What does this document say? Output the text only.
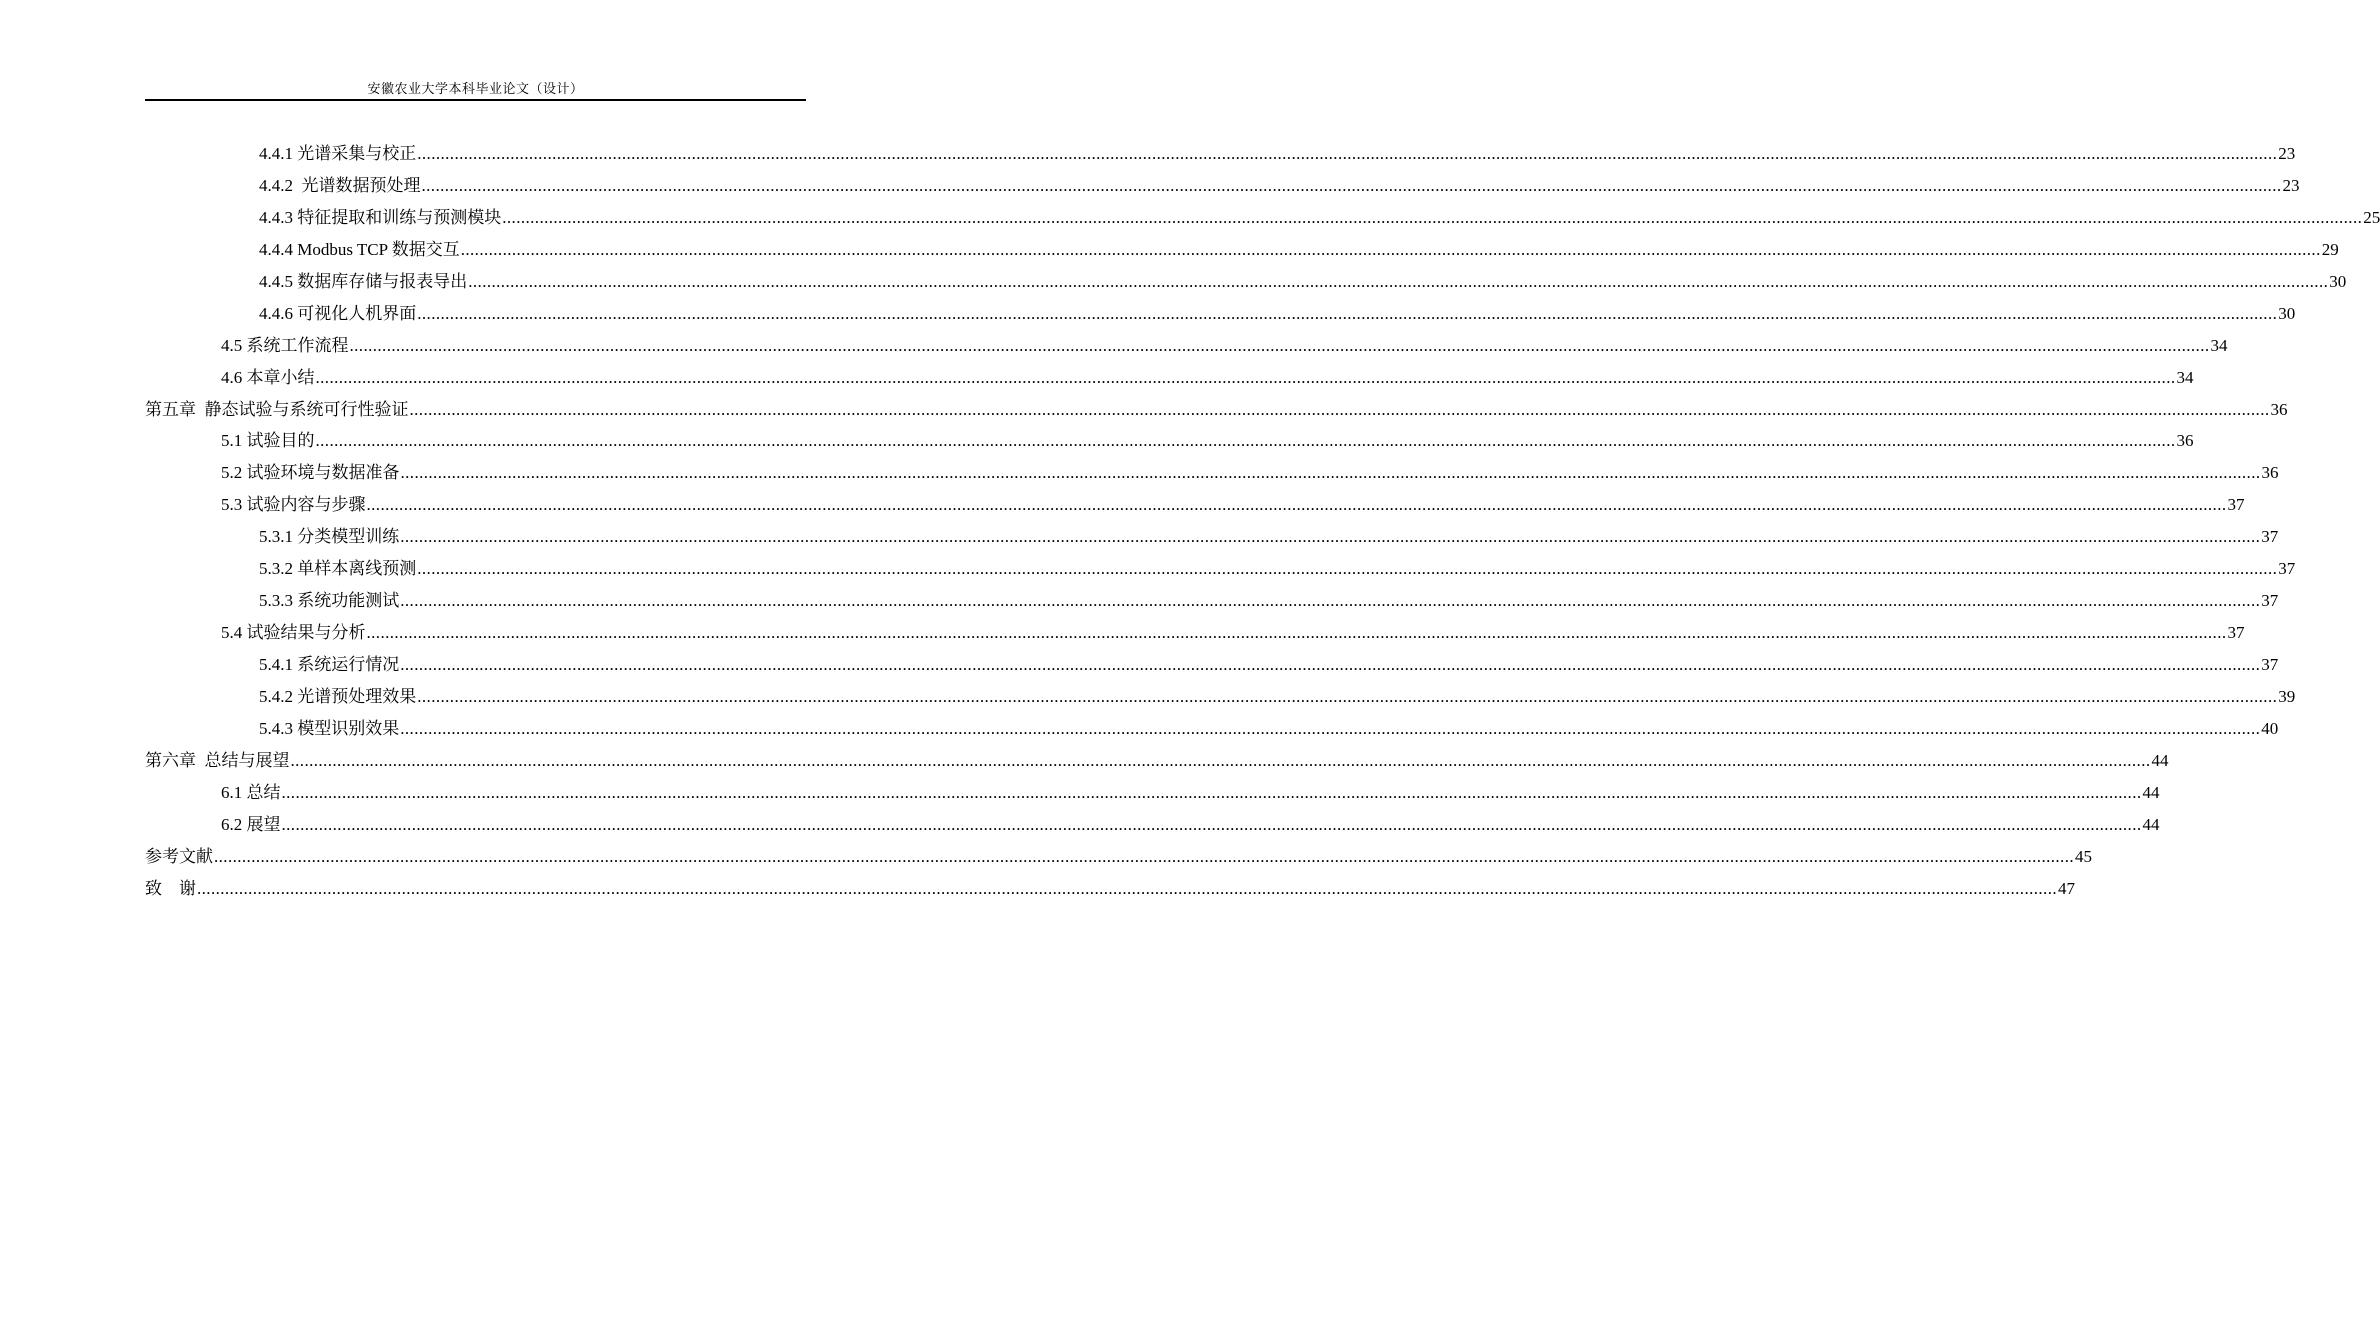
安徽农业大学本科毕业论文（设计）
4.4.1 光谱采集与校正 ................................................................................................................................................................................................................................................................................................................................................................................................................ 23
4.4.2  光谱数据预处理 ................................................................................................................................................................................................................................................................................................................................................................................................................ 23
4.4.3 特征提取和训练与预测模块 ................................................................................................................................................................................................................................................................................................................................................................................................................ 25
4.4.4 Modbus TCP 数据交互 ................................................................................................................................................................................................................................................................................................................................................................................................................ 29
4.4.5 数据库存储与报表导出 ................................................................................................................................................................................................................................................................................................................................................................................................................ 30
4.4.6 可视化人机界面 ................................................................................................................................................................................................................................................................................................................................................................................................................ 30
4.5 系统工作流程 ................................................................................................................................................................................................................................................................................................................................................................................................................ 34
4.6 本章小结 ................................................................................................................................................................................................................................................................................................................................................................................................................ 34
第五章  静态试验与系统可行性验证 ................................................................................................................................................................................................................................................................................................................................................................................................................ 36
5.1 试验目的 ................................................................................................................................................................................................................................................................................................................................................................................................................ 36
5.2 试验环境与数据准备 ................................................................................................................................................................................................................................................................................................................................................................................................................ 36
5.3 试验内容与步骤 ................................................................................................................................................................................................................................................................................................................................................................................................................ 37
5.3.1 分类模型训练 ................................................................................................................................................................................................................................................................................................................................................................................................................ 37
5.3.2 单样本离线预测 ................................................................................................................................................................................................................................................................................................................................................................................................................ 37
5.3.3 系统功能测试 ................................................................................................................................................................................................................................................................................................................................................................................................................ 37
5.4 试验结果与分析 ................................................................................................................................................................................................................................................................................................................................................................................................................ 37
5.4.1 系统运行情况 ................................................................................................................................................................................................................................................................................................................................................................................................................ 37
5.4.2 光谱预处理效果 ................................................................................................................................................................................................................................................................................................................................................................................................................ 39
5.4.3 模型识别效果 ................................................................................................................................................................................................................................................................................................................................................................................................................ 40
第六章  总结与展望 ................................................................................................................................................................................................................................................................................................................................................................................................................ 44
6.1 总结 ................................................................................................................................................................................................................................................................................................................................................................................................................ 44
6.2 展望 ................................................................................................................................................................................................................................................................................................................................................................................................................ 44
参考文献 ................................................................................................................................................................................................................................................................................................................................................................................................................ 45
致    谢 ................................................................................................................................................................................................................................................................................................................................................................................................................ 47
